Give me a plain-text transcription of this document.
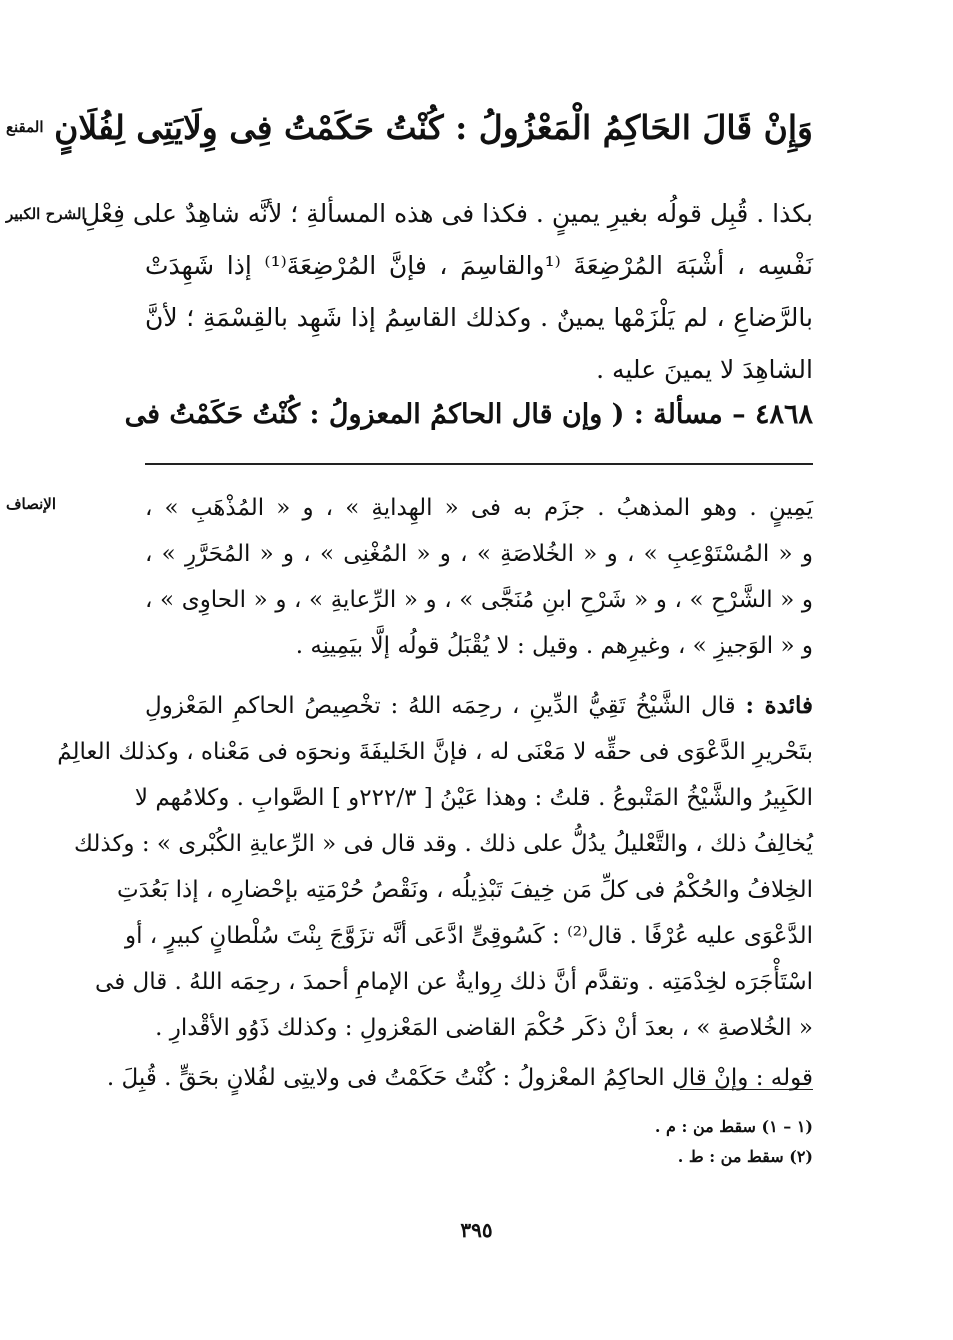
المقنع وَإِنْ قَالَ الحَاكِمُ الْمَعْزُولُ : كُنْتُ حَكَمْتُ فِى وِلَايَتِى لِفُلَانٍ
الشرح الكبير
بكذا . قُبِل قولُه بغيرِ يمينٍ . فكذا فى هذه المسألةِ ؛ لأنَّه شاهِدٌ على فِعْلِ
نَفْسِه ، أشْبَهَ المُرْضِعَةَ ⁽¹والقاسِمَ ، فإنَّ المُرْضِعَةَ⁽¹⁾ إذا شَهِدَتْ
بالرَّضاعِ ، لم يَلْزَمْها يمينٌ . وكذلك القاسِمُ إذا شَهِد بالقِسْمَةِ ؛ لأنَّ
الشاهِدَ لا يمينَ عليه .
٤٨٦٨ – مسألة : ( وإن قال الحاكمُ المعزولُ : كُنْتُ حَكَمْتُ فى
الإنصاف	يَمِينٍ . وهو المذهبُ . جزَم به فى « الهِدايةِ » ، و « المُذْهَبِ » ،
و « المُسْتَوْعِبِ » ، و « الخُلاصَةِ » ، و « المُغْنِى » ، و « المُحَرَّرِ » ،
و « الشَّرْحِ » ، و « شَرْحِ ابنِ مُنَجَّى » ، و « الرِّعايةِ » ، و « الحاوِى » ،
و « الوَجيزِ » ، وغيرِهم . وقيل : لا يُقْبَلُ قولُه إلَّا بيَمِينِه .
فائدة : قال الشَّيْخُ تَقِيُّ الدِّينِ ، رحِمَه اللهُ : تخْصِيصُ الحاكمِ المَعْزولِ
بتَحْريرِ الدَّعْوَى فى حقِّه لا مَعْنَى له ، فإنَّ الخَليفَةَ ونحوَه فى مَعْناه ، وكذلك العالِمُ
الكَبِيرُ والشَّيْخُ المَتْبوعُ . قلتُ : وهذا عَيْنُ [ ٢٢٢/٣و ] الصَّوابِ . وكلامُهم لا
يُخالِفُ ذلك ، والتَّعْليلُ يدُلُّ على ذلك . وقد قال فى « الرِّعايةِ الكُبْرى » : وكذلك
الخِلافُ والحُكْمُ فى كلِّ مَن خِيفَ تَبْذِيلُه ، ونَقْصُ حُرْمَتِه بإحْضارِه ، إذا بَعُدَتِ
الدَّعْوَى عليه عُرْفًا . قال⁽²⁾ : كَسُوقِىٍّ ادَّعَى أنَّه تزَوَّجَ بِنْتَ سُلْطانٍ كبيرٍ ، أو
اسْتَأْجَرَه لخِدْمَتِه . وتقدَّم أنَّ ذلك رِوايةٌ عن الإمامِ أحمدَ ، رحِمَه اللهُ . قال فى
« الخُلاصةِ » ، بعدَ أنْ ذكَر حُكْمَ القاضى المَعْزولِ : وكذلك ذَوُو الأقْدارِ .
قوله : وإنْ قال الحاكِمُ المعْزولُ : كُنْتُ حَكَمْتُ فى ولايتِى لفُلانٍ بحَقٍّ . قُبِلَ .
(١ – ١) سقط من : م .
(٢) سقط من : ط .
٣٩٥
